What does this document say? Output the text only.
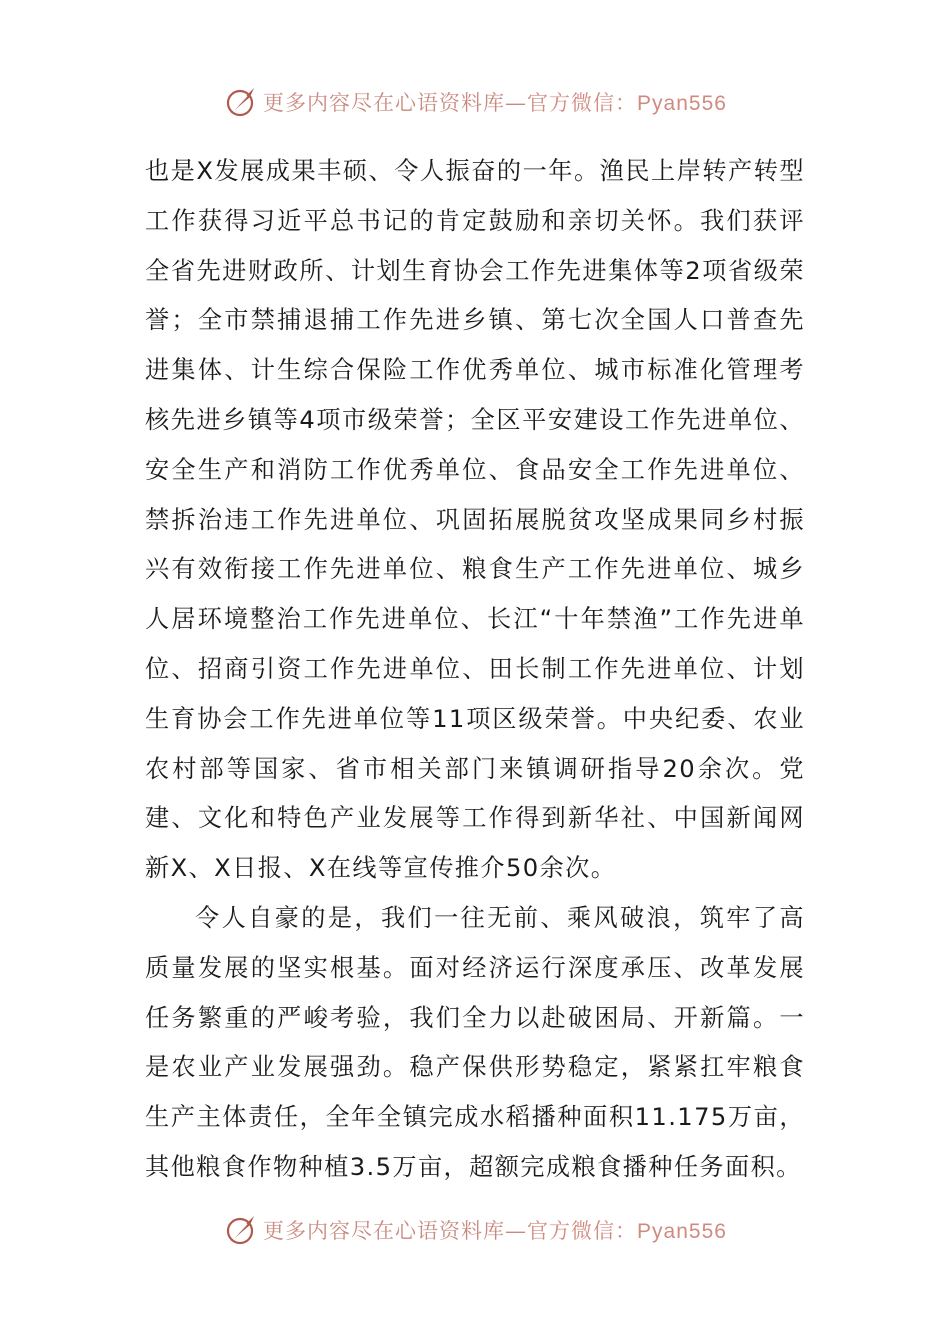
更多内容尽在心语资料库—官方微信：Pyan556

也是X发展成果丰硕、令人振奋的一年。渔民上岸转产转型工作获得习近平总书记的肯定鼓励和亲切关怀。我们获评全省先进财政所、计划生育协会工作先进集体等2项省级荣誉；全市禁捕退捕工作先进乡镇、第七次全国人口普查先进集体、计生综合保险工作优秀单位、城市标准化管理考核先进乡镇等4项市级荣誉；全区平安建设工作先进单位、安全生产和消防工作优秀单位、食品安全工作先进单位、禁拆治违工作先进单位、巩固拓展脱贫攻坚成果同乡村振兴有效衔接工作先进单位、粮食生产工作先进单位、城乡人居环境整治工作先进单位、长江“十年禁渔”工作先进单位、招商引资工作先进单位、田长制工作先进单位、计划生育协会工作先进单位等11项区级荣誉。中央纪委、农业农村部等国家、省市相关部门来镇调研指导20余次。党建、文化和特色产业发展等工作得到新华社、中国新闻网新X、X日报、X在线等宣传推介50余次。

令人自豪的是，我们一往无前、乘风破浪，筑牢了高质量发展的坚实根基。面对经济运行深度承压、改革发展任务繁重的严峻考验，我们全力以赴破困局、开新篇。一是农业产业发展强劲。稳产保供形势稳定，紧紧扛牢粮食生产主体责任，全年全镇完成水稻播种面积11.175万亩，其他粮食作物种植3.5万亩，超额完成粮食播种任务面积。

更多内容尽在心语资料库—官方微信：Pyan556
